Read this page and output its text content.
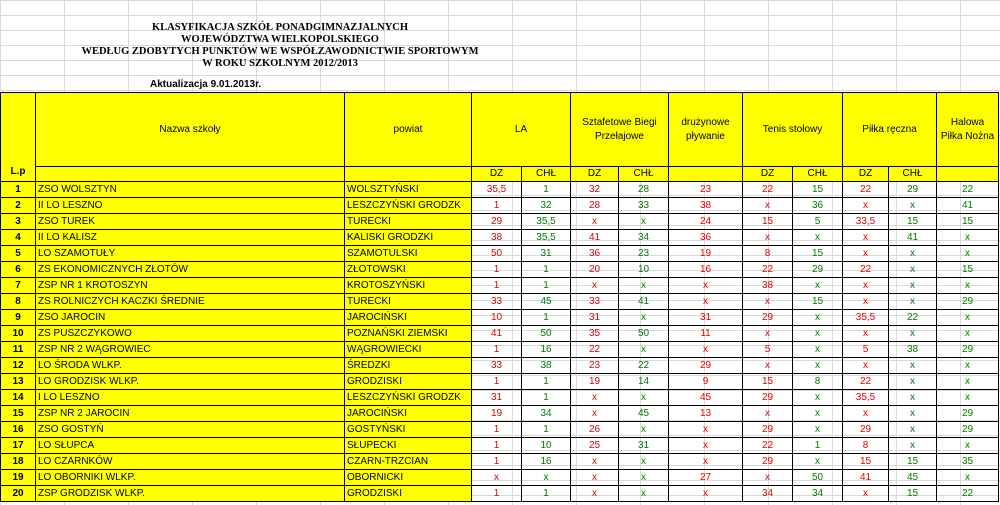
KLASYFIKACJA SZKÓŁ PONADGIMNAZJALNYCH
WOJEWÓDZTWA WIELKOPOLSKIEGO
WEDŁUG ZDOBYTYCH PUNKTÓW WE WSPÓŁZAWODNICTWIE SPORTOWYM
W ROKU SZKOLNYM 2012/2013
Aktualizacja 9.01.2013r.
L.p	Nazwa szkoły	powiat	LA		Sztafetowe Biegi Przełajowe		drużynowe pływanie	Tenis stołowy		Piłka ręczna		Halowa Piłka Nożna
			DZ	CHŁ	DZ	CHŁ		DZ	CHŁ	DZ	CHŁ	
1	ZSO WOLSZTYN	WOLSZTYŃSKI	35,5	1	32	28	23	22	15	22	29	22
2	II LO LESZNO	LESZCZYŃSKI GRODZK	1	32	28	33	38	x	36	x	x	41
3	ZSO TUREK	TURECKI	29	35,5	x	x	24	15	5	33,5	15	15
4	II LO KALISZ	KALISKI GRODZKI	38	35,5	41	34	36	x	x	x	41	x
5	LO SZAMOTUŁY	SZAMOTULSKI	50	31	36	23	19	8	15	x	x	x
6	ZS EKONOMICZNYCH ZŁOTÓW	ZŁOTOWSKI	1	1	20	10	16	22	29	22	x	15
7	ZSP NR 1 KROTOSZYN	KROTOSZYŃSKI	1	1	x	x	x	38	x	x	x	x
8	ZS ROLNICZYCH KACZKI ŚREDNIE	TURECKI	33	45	33	41	x	x	15	x	x	29
9	ZSO JAROCIN	JAROCIŃSKI	10	1	31	x	31	29	x	35,5	22	x
10	ZS PUSZCZYKOWO	POZNAŃSKI ZIEMSKI	41	50	35	50	11	x	x	x	x	x
11	ZSP NR 2 WĄGROWIEC	WĄGROWIECKI	1	16	22	x	x	5	x	5	38	29
12	LO ŚRODA WLKP.	ŚREDZKI	33	38	23	22	29	x	x	x	x	x
13	LO GRODZISK WLKP.	GRODZISKI	1	1	19	14	9	15	8	22	x	x
14	I LO LESZNO	LESZCZYŃSKI GRODZK	31	1	x	x	45	29	x	35,5	x	x
15	ZSP NR 2 JAROCIN	JAROCIŃSKI	19	34	x	45	13	x	x	x	x	29
16	ZSO GOSTYŃ	GOSTYŃSKI	1	1	26	x	x	29	x	29	x	29
17	LO SŁUPCA	SŁUPECKI	1	10	25	31	x	22	1	8	x	x
18	LO CZARNKÓW	CZARN-TRZCIAN	1	16	x	x	x	29	x	15	15	35
19	LO OBORNIKI WLKP.	OBORNICKI	x	x	x	x	27	x	50	41	45	x
20	ZSP GRODZISK WLKP.	GRODZISKI	1	1	x	x	x	34	34	x	15	22
